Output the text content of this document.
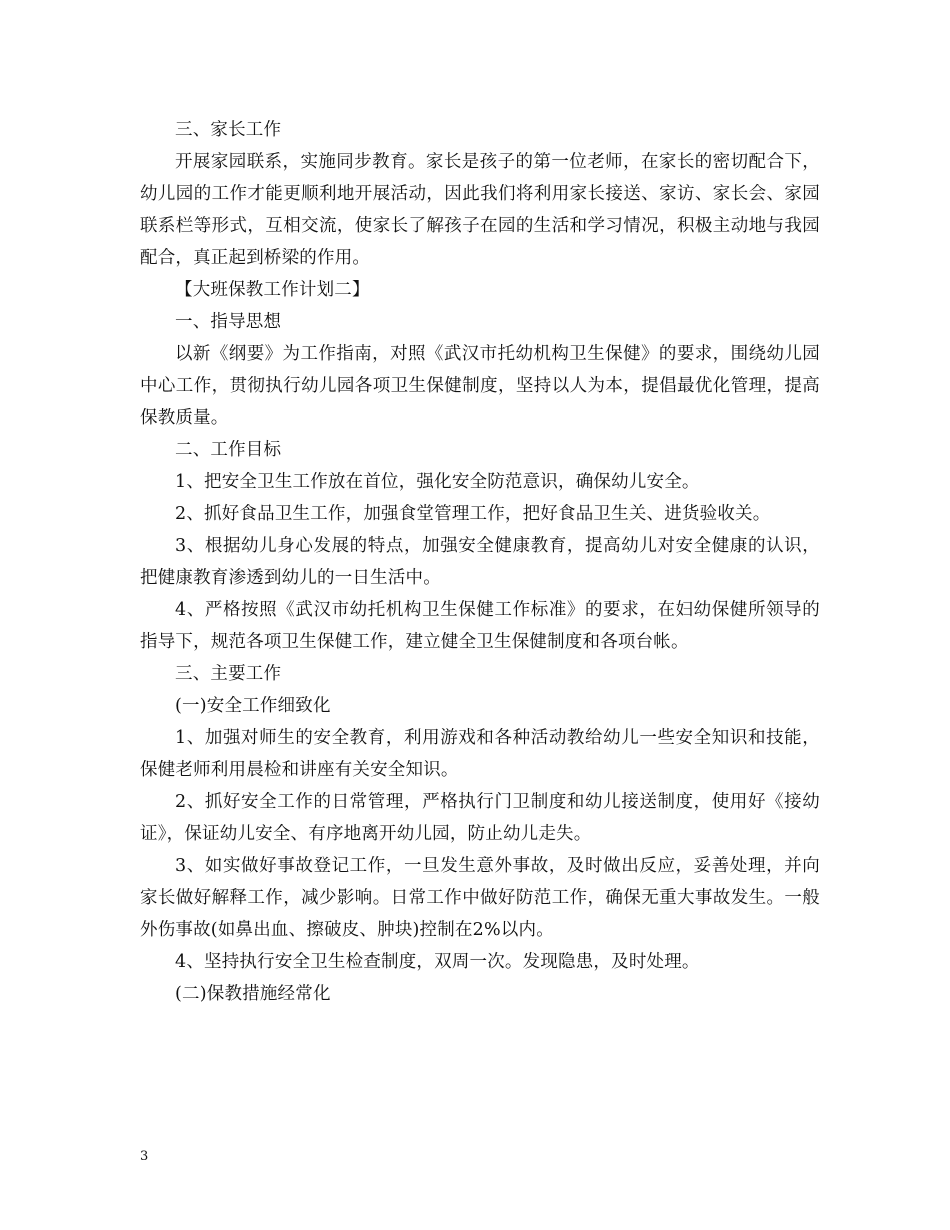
三、家长工作

开展家园联系，实施同步教育。家长是孩子的第一位老师，在家长的密切配合下，幼儿园的工作才能更顺利地开展活动，因此我们将利用家长接送、家访、家长会、家园联系栏等形式，互相交流，使家长了解孩子在园的生活和学习情况，积极主动地与我园配合，真正起到桥梁的作用。

【大班保教工作计划二】

一、指导思想

以新《纲要》为工作指南，对照《武汉市托幼机构卫生保健》的要求，围绕幼儿园中心工作，贯彻执行幼儿园各项卫生保健制度，坚持以人为本，提倡最优化管理，提高保教质量。

二、工作目标

1、把安全卫生工作放在首位，强化安全防范意识，确保幼儿安全。

2、抓好食品卫生工作，加强食堂管理工作，把好食品卫生关、进货验收关。

3、根据幼儿身心发展的特点，加强安全健康教育，提高幼儿对安全健康的认识，把健康教育渗透到幼儿的一日生活中。

4、严格按照《武汉市幼托机构卫生保健工作标准》的要求，在妇幼保健所领导的指导下，规范各项卫生保健工作，建立健全卫生保健制度和各项台帐。

三、主要工作

(一)安全工作细致化

1、加强对师生的安全教育，利用游戏和各种活动教给幼儿一些安全知识和技能，保健老师利用晨检和讲座有关安全知识。

2、抓好安全工作的日常管理，严格执行门卫制度和幼儿接送制度，使用好《接幼证》，保证幼儿安全、有序地离开幼儿园，防止幼儿走失。

3、如实做好事故登记工作，一旦发生意外事故，及时做出反应，妥善处理，并向家长做好解释工作，减少影响。日常工作中做好防范工作，确保无重大事故发生。一般外伤事故(如鼻出血、擦破皮、肿块)控制在2%以内。

4、坚持执行安全卫生检查制度，双周一次。发现隐患，及时处理。

(二)保教措施经常化

3
